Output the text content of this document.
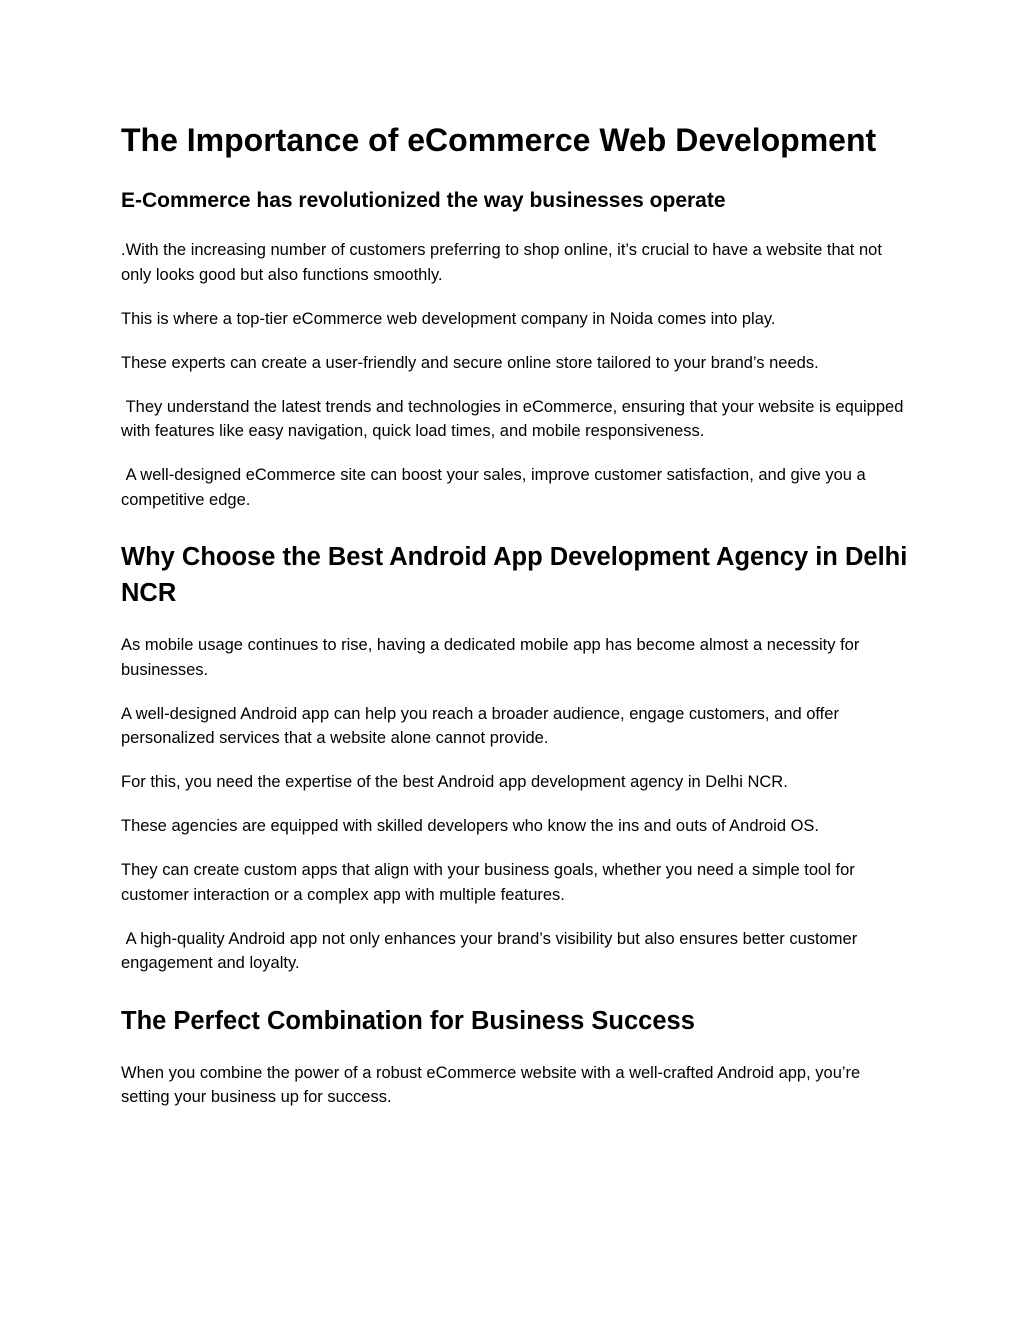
The Importance of eCommerce Web Development
E-Commerce has revolutionized the way businesses operate

.With the increasing number of customers preferring to shop online, it’s crucial to have a website that not only looks good but also functions smoothly.

This is where a top-tier eCommerce web development company in Noida comes into play.

These experts can create a user-friendly and secure online store tailored to your brand’s needs.

They understand the latest trends and technologies in eCommerce, ensuring that your website is equipped with features like easy navigation, quick load times, and mobile responsiveness.

A well-designed eCommerce site can boost your sales, improve customer satisfaction, and give you a competitive edge.

Why Choose the Best Android App Development Agency in Delhi NCR

As mobile usage continues to rise, having a dedicated mobile app has become almost a necessity for businesses.

A well-designed Android app can help you reach a broader audience, engage customers, and offer personalized services that a website alone cannot provide.

For this, you need the expertise of the best Android app development agency in Delhi NCR.

These agencies are equipped with skilled developers who know the ins and outs of Android OS.

They can create custom apps that align with your business goals, whether you need a simple tool for customer interaction or a complex app with multiple features.

A high-quality Android app not only enhances your brand’s visibility but also ensures better customer engagement and loyalty.

The Perfect Combination for Business Success

When you combine the power of a robust eCommerce website with a well-crafted Android app, you’re setting your business up for success.
